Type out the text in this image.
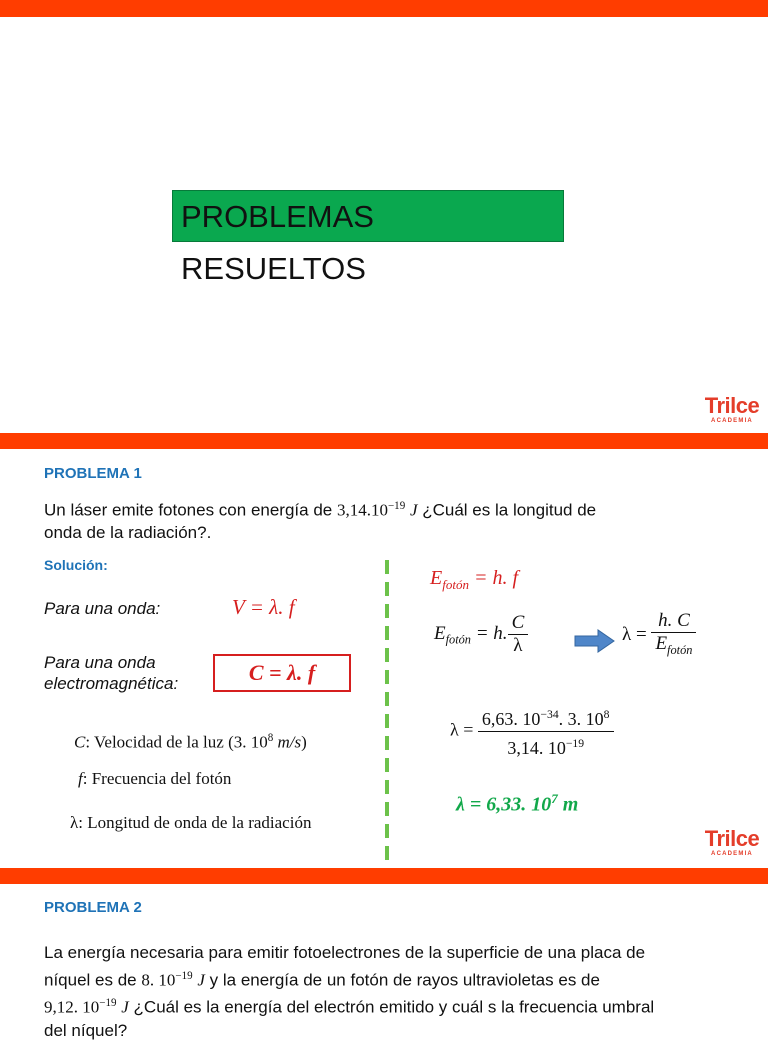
PROBLEMAS RESUELTOS
Trilce
ACADEMIA
PROBLEMA 1
Un láser emite fotones con energía de $3,14.10^{-19}$ J ¿Cuál es la longitud de
onda de la radiación?.
Solución:
Para una onda:	V = λ. f
Para una onda
electromagnética:	C = λ. f
C: Velocidad de la luz (3. $10^8$ m/s)
f: Frecuencia del fotón
λ: Longitud de onda de la radiación
$E_{fotón} = h$. f
$E_{fotón} = h$. $\frac{C}{\lambda}$	$\lambda = \frac{h. C}{E_{fotón}}$
$\lambda = \frac{6,63. 10^{-34}. 3. 10^8}{3,14. 10^{-19}}$
λ = 6,33. $10^7$ m
Trilce
ACADEMIA
PROBLEMA 2
La energía necesaria para emitir fotoelectrones de la superficie de una placa de
níquel es de 8. $10^{-19}$ J y la energía de un fotón de rayos ultravioletas es de
9,12. $10^{-19}$ J ¿Cuál es la energía del electrón emitido y cuál s la frecuencia umbral
del níquel?
